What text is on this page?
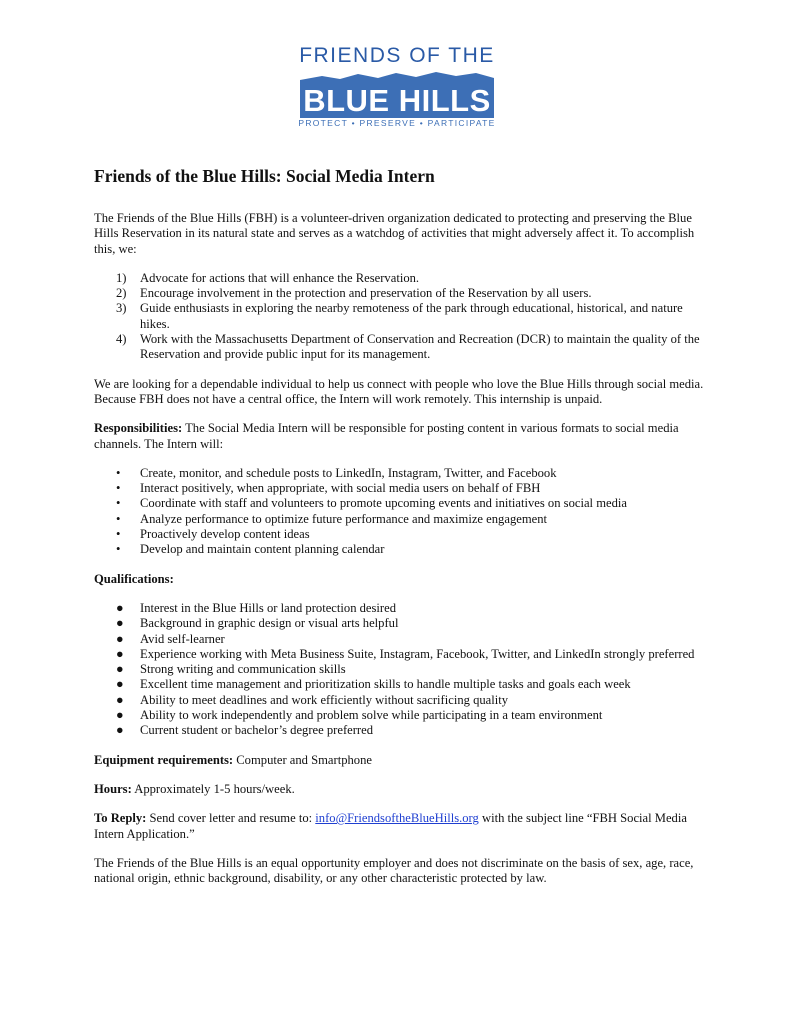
FRIENDS OF THE
BLUE HILLS
PROTECT • PRESERVE • PARTICIPATE
Friends of the Blue Hills: Social Media Intern

The Friends of the Blue Hills (FBH) is a volunteer-driven organization dedicated to protecting and preserving the Blue Hills Reservation in its natural state and serves as a watchdog of activities that might adversely affect it. To accomplish this, we:

1) Advocate for actions that will enhance the Reservation.
2) Encourage involvement in the protection and preservation of the Reservation by all users.
3) Guide enthusiasts in exploring the nearby remoteness of the park through educational, historical, and nature hikes.
4) Work with the Massachusetts Department of Conservation and Recreation (DCR) to maintain the quality of the Reservation and provide public input for its management.

We are looking for a dependable individual to help us connect with people who love the Blue Hills through social media. Because FBH does not have a central office, the Intern will work remotely. This internship is unpaid.

Responsibilities: The Social Media Intern will be responsible for posting content in various formats to social media channels. The Intern will:

• Create, monitor, and schedule posts to LinkedIn, Instagram, Twitter, and Facebook
• Interact positively, when appropriate, with social media users on behalf of FBH
• Coordinate with staff and volunteers to promote upcoming events and initiatives on social media
• Analyze performance to optimize future performance and maximize engagement
• Proactively develop content ideas
• Develop and maintain content planning calendar

Qualifications:

● Interest in the Blue Hills or land protection desired
● Background in graphic design or visual arts helpful
● Avid self-learner
● Experience working with Meta Business Suite, Instagram, Facebook, Twitter, and LinkedIn strongly preferred
● Strong writing and communication skills
● Excellent time management and prioritization skills to handle multiple tasks and goals each week
● Ability to meet deadlines and work efficiently without sacrificing quality
● Ability to work independently and problem solve while participating in a team environment
● Current student or bachelor’s degree preferred

Equipment requirements: Computer and Smartphone

Hours: Approximately 1-5 hours/week.

To Reply: Send cover letter and resume to: info@FriendsoftheBlueHills.org with the subject line “FBH Social Media Intern Application.”

The Friends of the Blue Hills is an equal opportunity employer and does not discriminate on the basis of sex, age, race, national origin, ethnic background, disability, or any other characteristic protected by law.
